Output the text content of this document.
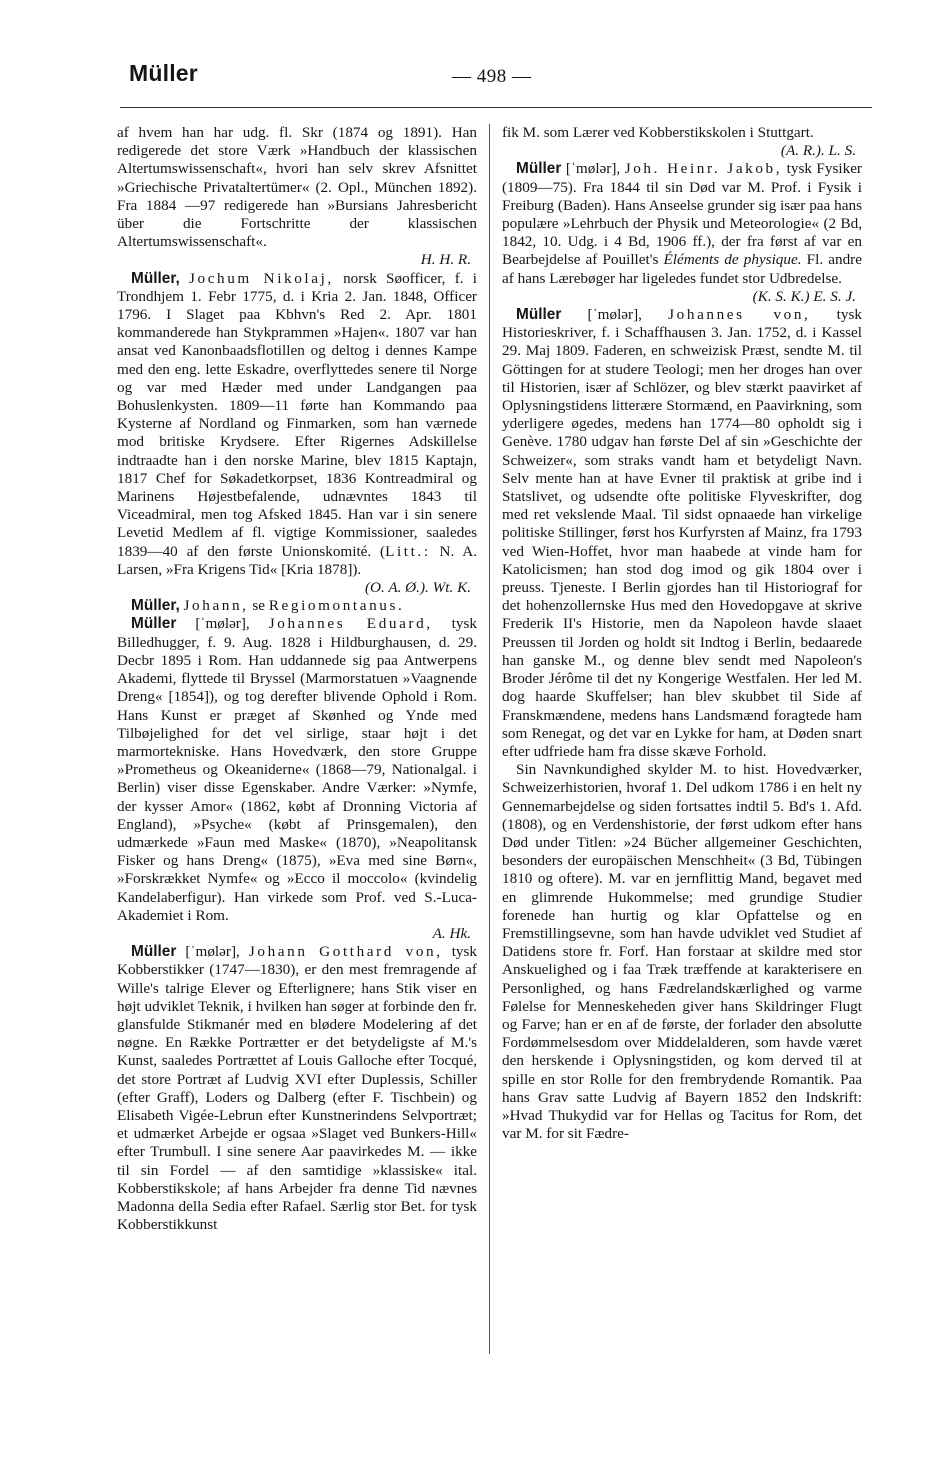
Müller	— 498 —

af hvem han har udg. fl. Skr (1874 og 1891). Han redigerede det store Værk »Handbuch der klassischen Altertumswissenschaft«, hvori han selv skrev Afsnittet »Griechische Privataltertümer« (2. Opl., München 1892). Fra 1884 —97 redigerede han »Bursians Jahresbericht über die Fortschritte der klassischen Altertumswissenschaft«.
H. H. R.

Müller, Jochum Nikolaj, norsk Søofficer, f. i Trondhjem 1. Febr 1775, d. i Kria 2. Jan. 1848, Officer 1796. I Slaget paa Kbhvn's Red 2. Apr. 1801 kommanderede han Stykprammen »Hajen«. 1807 var han ansat ved Kanonbaadsflotillen og deltog i dennes Kampe med den eng. lette Eskadre, overflyttedes senere til Norge og var med Hæder med under Landgangen paa Bohuslenkysten. 1809—11 førte han Kommando paa Kysterne af Nordland og Finmarken, som han værnede mod britiske Krydsere. Efter Rigernes Adskillelse indtraadte han i den norske Marine, blev 1815 Kaptajn, 1817 Chef for Søkadetkorpset, 1836 Kontreadmiral og Marinens Højestbefalende, udnævntes 1843 til Viceadmiral, men tog Afsked 1845. Han var i sin senere Levetid Medlem af fl. vigtige Kommissioner, saaledes 1839—40 af den første Unionskomité. (Litt.: N. A. Larsen, »Fra Krigens Tid« [Kria 1878]).
(O. A. Ø.). Wt. K.

Müller, Johann, se Regiomontanus.

Müller [ˈmølər], Johannes Eduard, tysk Billedhugger, f. 9. Aug. 1828 i Hildburghausen, d. 29. Decbr 1895 i Rom. Han uddannede sig paa Antwerpens Akademi, flyttede til Bryssel (Marmorstatuen »Vaagnende Dreng« [1854]), og tog derefter blivende Ophold i Rom. Hans Kunst er præget af Skønhed og Ynde med Tilbøjelighed for det vel sirlige, staar højt i det marmortekniske. Hans Hovedværk, den store Gruppe »Prometheus og Okeaniderne« (1868—79, Nationalgal. i Berlin) viser disse Egenskaber. Andre Værker: »Nymfe, der kysser Amor« (1862, købt af Dronning Victoria af England), »Psyche« (købt af Prinsgemalen), den udmærkede »Faun med Maske« (1870), »Neapolitansk Fisker og hans Dreng« (1875), »Eva med sine Børn«, »Forskrækket Nymfe« og »Ecco il moccolo« (kvindelig Kandelaberfigur). Han virkede som Prof. ved S.-Luca-Akademiet i Rom.
A. Hk.

Müller [ˈmølər], Johann Gotthard von, tysk Kobberstikker (1747—1830), er den mest fremragende af Wille's talrige Elever og Efterlignere; hans Stik viser en højt udviklet Teknik, i hvilken han søger at forbinde den fr. glansfulde Stikmanér med en blødere Modelering af det nøgne. En Række Portrætter er det betydeligste af M.'s Kunst, saaledes Portrættet af Louis Galloche efter Tocqué, det store Portræt af Ludvig XVI efter Duplessis, Schiller (efter Graff), Loders og Dalberg (efter F. Tischbein) og Elisabeth Vigée-Lebrun efter Kunstnerindens Selvportræt; et udmærket Arbejde er ogsaa »Slaget ved Bunkers-Hill« efter Trumbull. I sine senere Aar paavirkedes M. — ikke til sin Fordel — af den samtidige »klassiske« ital. Kobberstikskole; af hans Arbejder fra denne Tid nævnes Madonna della Sedia efter Rafael. Særlig stor Bet. for tysk Kobberstikkunst

fik M. som Lærer ved Kobberstikskolen i Stuttgart.
(A. R.). L. S.

Müller [ˈmølər], Joh. Heinr. Jakob, tysk Fysiker (1809—75). Fra 1844 til sin Død var M. Prof. i Fysik i Freiburg (Baden). Hans Anseelse grunder sig især paa hans populære »Lehrbuch der Physik und Meteorologie« (2 Bd, 1842, 10. Udg. i 4 Bd, 1906 ff.), der fra først af var en Bearbejdelse af Pouillet's Éléments de physique. Fl. andre af hans Lærebøger har ligeledes fundet stor Udbredelse.
(K. S. K.) E. S. J.

Müller [ˈmølər], Johannes von, tysk Historieskriver, f. i Schaffhausen 3. Jan. 1752, d. i Kassel 29. Maj 1809. Faderen, en schweizisk Præst, sendte M. til Göttingen for at studere Teologi; men her droges han over til Historien, især af Schlözer, og blev stærkt paavirket af Oplysningstidens litterære Stormænd, en Paavirkning, som yderligere øgedes, medens han 1774—80 opholdt sig i Genève. 1780 udgav han første Del af sin »Geschichte der Schweizer«, som straks vandt ham et betydeligt Navn. Selv mente han at have Evner til praktisk at gribe ind i Statslivet, og udsendte ofte politiske Flyveskrifter, dog med ret vekslende Maal. Til sidst opnaaede han virkelige politiske Stillinger, først hos Kurfyrsten af Mainz, fra 1793 ved Wien-Hoffet, hvor man haabede at vinde ham for Katolicismen; han stod dog imod og gik 1804 over i preuss. Tjeneste. I Berlin gjordes han til Historiograf for det hohenzollernske Hus med den Hovedopgave at skrive Frederik II's Historie, men da Napoleon havde slaaet Preussen til Jorden og holdt sit Indtog i Berlin, bedaarede han ganske M., og denne blev sendt med Napoleon's Broder Jérôme til det ny Kongerige Westfalen. Her led M. dog haarde Skuffelser; han blev skubbet til Side af Franskmændene, medens hans Landsmænd foragtede ham som Renegat, og det var en Lykke for ham, at Døden snart efter udfriede ham fra disse skæve Forhold.

Sin Navnkundighed skylder M. to hist. Hovedværker, Schweizerhistorien, hvoraf 1. Del udkom 1786 i en helt ny Gennemarbejdelse og siden fortsattes indtil 5. Bd's 1. Afd. (1808), og en Verdenshistorie, der først udkom efter hans Død under Titlen: »24 Bücher allgemeiner Geschichten, besonders der europäischen Menschheit« (3 Bd, Tübingen 1810 og oftere). M. var en jernflittig Mand, begavet med en glimrende Hukommelse; med grundige Studier forenede han hurtig og klar Opfattelse og en Fremstillingsevne, som han havde udviklet ved Studiet af Datidens store fr. Forf. Han forstaar at skildre med stor Anskuelighed og i faa Træk træffende at karakterisere en Personlighed, og hans Fædrelandskærlighed og varme Følelse for Menneskeheden giver hans Skildringer Flugt og Farve; han er en af de første, der forlader den absolutte Fordømmelsesdom over Middelalderen, som havde været den herskende i Oplysningstiden, og kom derved til at spille en stor Rolle for den frembrydende Romantik. Paa hans Grav satte Ludvig af Bayern 1852 den Indskrift: »Hvad Thukydid var for Hellas og Tacitus for Rom, det var M. for sit Fædre-
